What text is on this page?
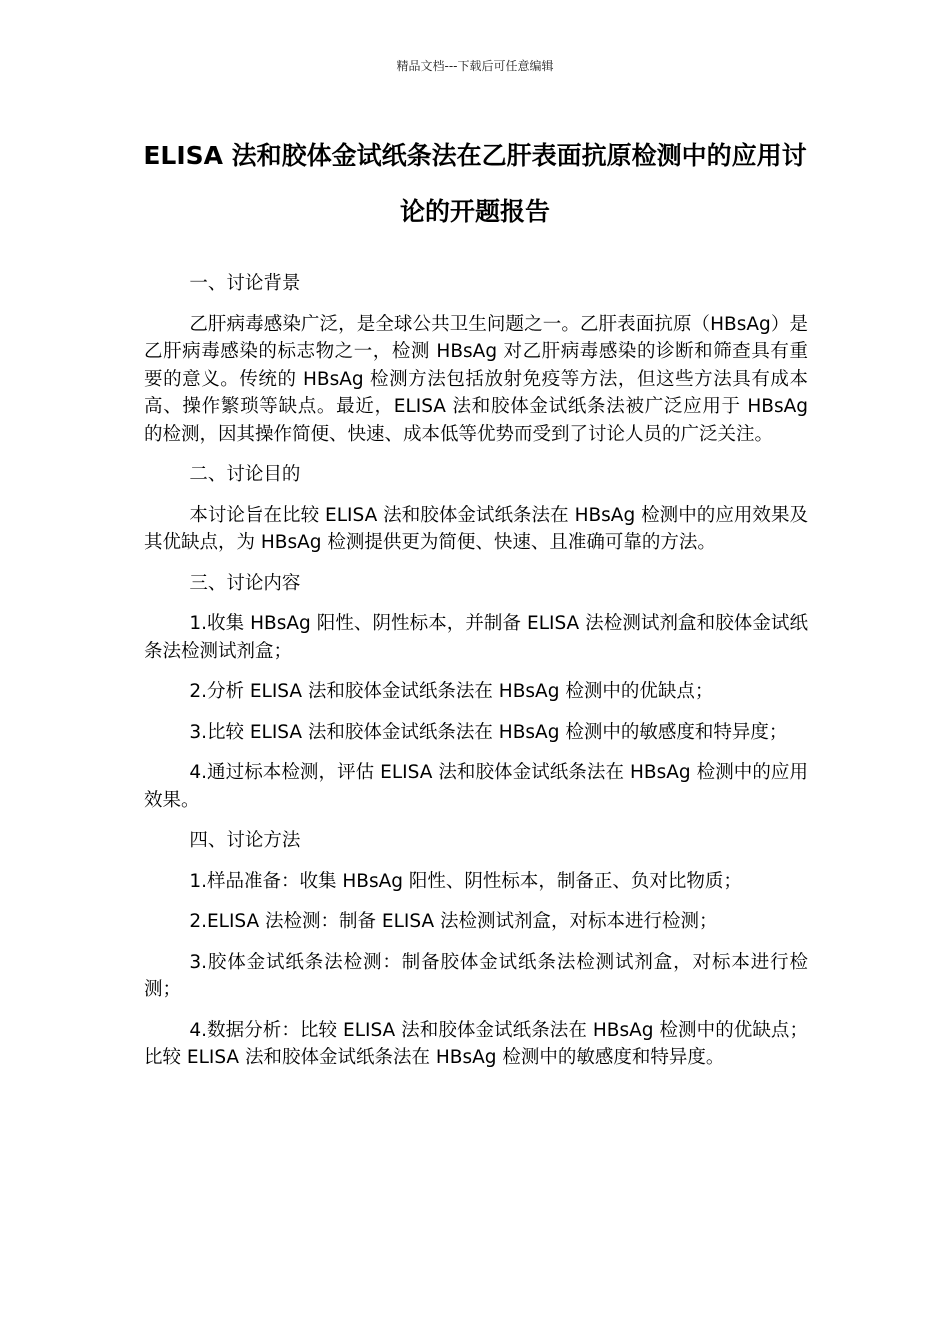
精品文档---下载后可任意编辑
ELISA 法和胶体金试纸条法在乙肝表面抗原检测中的应用讨论的开题报告

一、讨论背景

乙肝病毒感染广泛，是全球公共卫生问题之一。乙肝表面抗原（HBsAg）是乙肝病毒感染的标志物之一，检测 HBsAg 对乙肝病毒感染的诊断和筛查具有重要的意义。传统的 HBsAg 检测方法包括放射免疫等方法，但这些方法具有成本高、操作繁琐等缺点。最近，ELISA 法和胶体金试纸条法被广泛应用于 HBsAg 的检测，因其操作简便、快速、成本低等优势而受到了讨论人员的广泛关注。

二、讨论目的

本讨论旨在比较 ELISA 法和胶体金试纸条法在 HBsAg 检测中的应用效果及其优缺点，为 HBsAg 检测提供更为简便、快速、且准确可靠的方法。

三、讨论内容

1.收集 HBsAg 阳性、阴性标本，并制备 ELISA 法检测试剂盒和胶体金试纸条法检测试剂盒；

2.分析 ELISA 法和胶体金试纸条法在 HBsAg 检测中的优缺点；

3.比较 ELISA 法和胶体金试纸条法在 HBsAg 检测中的敏感度和特异度；

4.通过标本检测，评估 ELISA 法和胶体金试纸条法在 HBsAg 检测中的应用效果。

四、讨论方法

1.样品准备：收集 HBsAg 阳性、阴性标本，制备正、负对比物质；

2.ELISA 法检测：制备 ELISA 法检测试剂盒，对标本进行检测；

3.胶体金试纸条法检测：制备胶体金试纸条法检测试剂盒，对标本进行检测；

4.数据分析：比较 ELISA 法和胶体金试纸条法在 HBsAg 检测中的优缺点；比较 ELISA 法和胶体金试纸条法在 HBsAg 检测中的敏感度和特异度。
